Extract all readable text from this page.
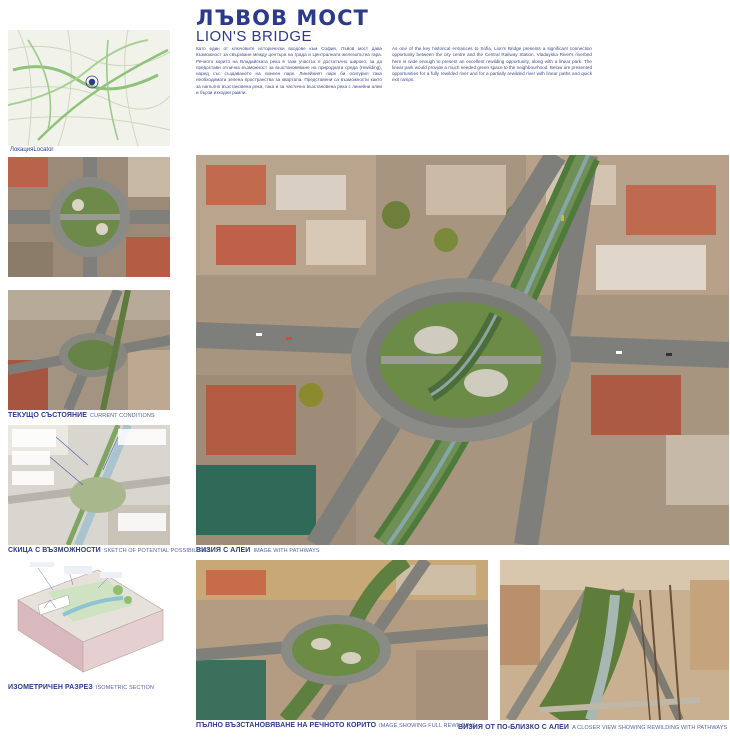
ЛЪВОВ МОСТ
LION'S BRIDGE
Като един от ключовите исторически входове към София, Лъвов мост дава възможност за свързване между центъра на града и Централната железопътна гара. Речното корито на Владайската река в тази участък е достатъчно широко, за да предостави отлична възможност за възстановяване на природната среда (rewilding), наред със създаването на линеен парк. Линейният парк би осигурил така необходимата зелена пространства за квартала. Представени са възможности както за напълно възстановена река, така и за частично възстановена река с линейни алеи и бързи изходни рампи.
As one of the key historical entrances to Sofia, Lion's Bridge presents a significant connection opportunity between the city centre and the Central Railway Station. Vladayska River's riverbed here is wide enough to present an excellent rewilding opportunity, along with a linear park. The linear park would provide a much needed green space to the neighbourhood. Below are presented opportunities for a fully rewilded river and for a partially rewilded river with linear paths and quick exit ramps.
ЛокацияLocator
ТЕКУЩО СЪСТОЯНИЕ CURRENT CONDITIONS
СКИЦА С ВЪЗМОЖНОСТИ SKETCH OF POTENTIAL POSSIBILITIES
ИЗОМЕТРИЧЕН РАЗРЕЗ ISOMETRIC SECTION
ВИЗИЯ С АЛЕИ IMAGE WITH PATHWAYS
ПЪЛНО ВЪЗСТАНОВЯВАНЕ НА РЕЧНОТО КОРИТО IMAGE SHOWING FULL REWILDING
ВИЗИЯ ОТ ПО-БЛИЗКО С АЛЕИ A CLOSER VIEW SHOWING REWILDING WITH PATHWAYS
